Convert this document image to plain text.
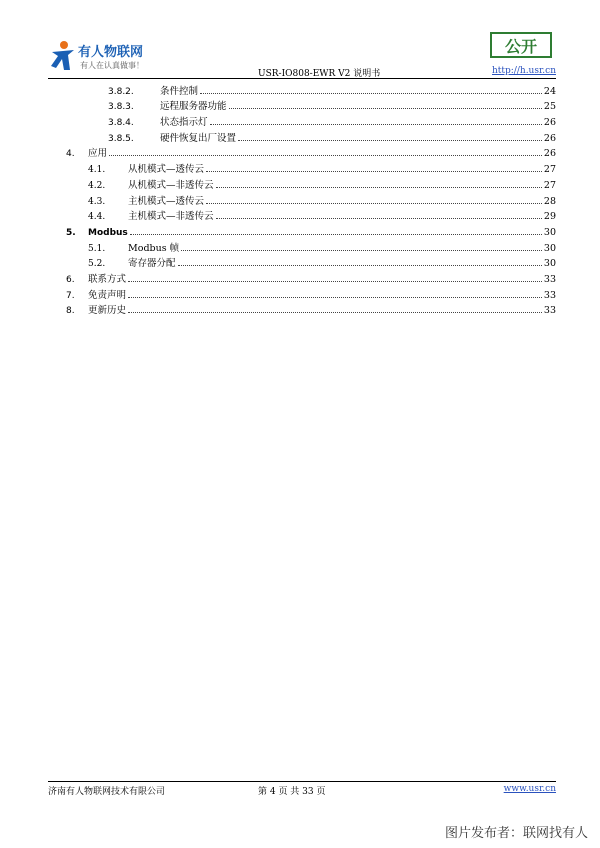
有人物联网
有人在认真做事！
USR-IO808-EWR V2 说明书
公开
http://h.usr.cn
3.8.2.	条件控制	24
3.8.3.	远程服务器功能	25
3.8.4.	状态指示灯	26
3.8.5.	硬件恢复出厂设置	26
4.	应用	26
4.1.	从机模式—透传云	27
4.2.	从机模式—非透传云	27
4.3.	主机模式—透传云	28
4.4.	主机模式—非透传云	29
5.	Modbus	30
5.1.	Modbus 帧	30
5.2.	寄存器分配	30
6.	联系方式	33
7.	免责声明	33
8.	更新历史	33
济南有人物联网技术有限公司	第 4 页 共 33 页	www.usr.cn
图片发布者：联网找有人
